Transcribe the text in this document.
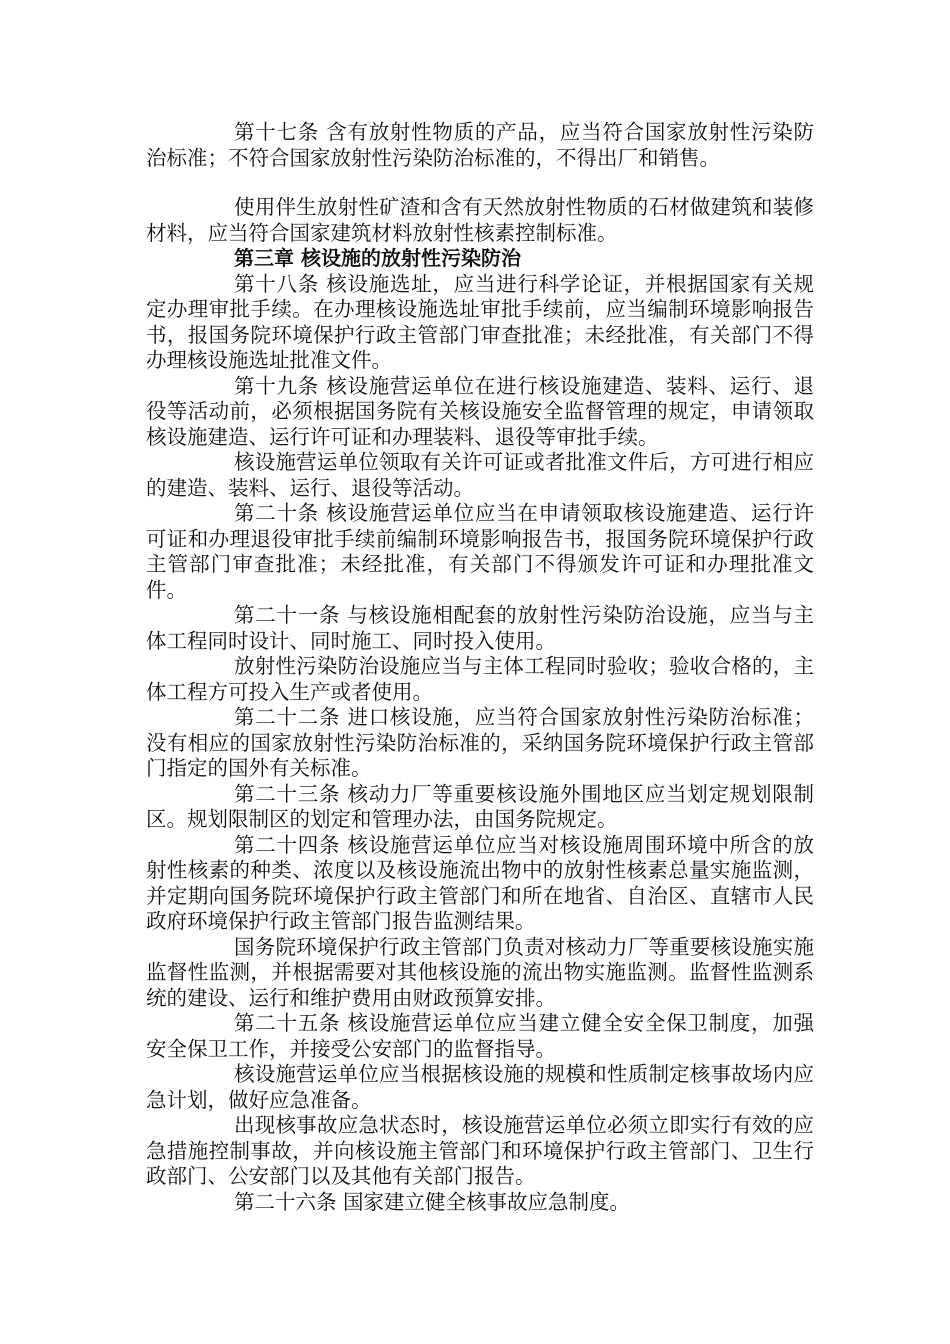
第十七条 含有放射性物质的产品，应当符合国家放射性污染防治标准；不符合国家放射性污染防治标准的，不得出厂和销售。

使用伴生放射性矿渣和含有天然放射性物质的石材做建筑和装修材料，应当符合国家建筑材料放射性核素控制标准。

第三章 核设施的放射性污染防治

第十八条 核设施选址，应当进行科学论证，并根据国家有关规定办理审批手续。在办理核设施选址审批手续前，应当编制环境影响报告书，报国务院环境保护行政主管部门审查批准；未经批准，有关部门不得办理核设施选址批准文件。

第十九条 核设施营运单位在进行核设施建造、装料、运行、退役等活动前，必须根据国务院有关核设施安全监督管理的规定，申请领取核设施建造、运行许可证和办理装料、退役等审批手续。

核设施营运单位领取有关许可证或者批准文件后，方可进行相应的建造、装料、运行、退役等活动。

第二十条 核设施营运单位应当在申请领取核设施建造、运行许可证和办理退役审批手续前编制环境影响报告书，报国务院环境保护行政主管部门审查批准；未经批准，有关部门不得颁发许可证和办理批准文件。

第二十一条 与核设施相配套的放射性污染防治设施，应当与主体工程同时设计、同时施工、同时投入使用。

放射性污染防治设施应当与主体工程同时验收；验收合格的，主体工程方可投入生产或者使用。

第二十二条 进口核设施，应当符合国家放射性污染防治标准；没有相应的国家放射性污染防治标准的，采纳国务院环境保护行政主管部门指定的国外有关标准。

第二十三条 核动力厂等重要核设施外围地区应当划定规划限制区。规划限制区的划定和管理办法，由国务院规定。

第二十四条 核设施营运单位应当对核设施周围环境中所含的放射性核素的种类、浓度以及核设施流出物中的放射性核素总量实施监测，并定期向国务院环境保护行政主管部门和所在地省、自治区、直辖市人民政府环境保护行政主管部门报告监测结果。

国务院环境保护行政主管部门负责对核动力厂等重要核设施实施监督性监测，并根据需要对其他核设施的流出物实施监测。监督性监测系统的建设、运行和维护费用由财政预算安排。

第二十五条 核设施营运单位应当建立健全安全保卫制度，加强安全保卫工作，并接受公安部门的监督指导。

核设施营运单位应当根据核设施的规模和性质制定核事故场内应急计划，做好应急准备。

出现核事故应急状态时，核设施营运单位必须立即实行有效的应急措施控制事故，并向核设施主管部门和环境保护行政主管部门、卫生行政部门、公安部门以及其他有关部门报告。

第二十六条 国家建立健全核事故应急制度。
